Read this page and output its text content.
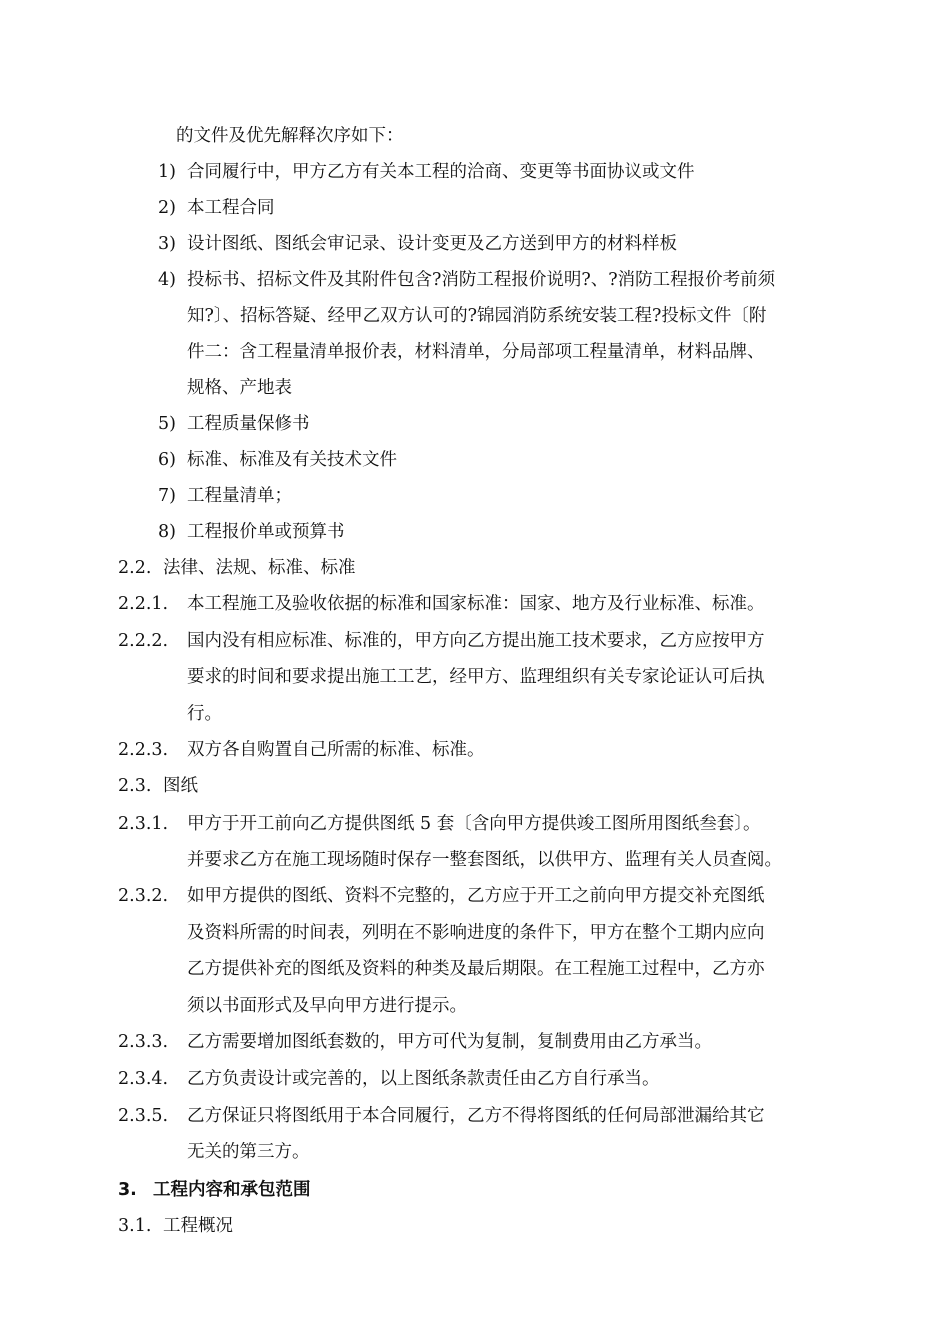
的文件及优先解释次序如下：
1) 合同履行中，甲方乙方有关本工程的洽商、变更等书面协议或文件
2) 本工程合同
3) 设计图纸、图纸会审记录、设计变更及乙方送到甲方的材料样板
4) 投标书、招标文件及其附件包含?消防工程报价说明?、?消防工程报价考前须
知?〕、招标答疑、经甲乙双方认可的?锦园消防系统安装工程?投标文件〔附
件二：含工程量清单报价表，材料清单，分局部项工程量清单，材料品牌、
规格、产地表
5) 工程质量保修书
6) 标准、标准及有关技术文件
7) 工程量清单；
8) 工程报价单或预算书
2.2. 法律、法规、标准、标准
2.2.1. 本工程施工及验收依据的标准和国家标准：国家、地方及行业标准、标准。
2.2.2. 国内没有相应标准、标准的，甲方向乙方提出施工技术要求，乙方应按甲方
要求的时间和要求提出施工工艺，经甲方、监理组织有关专家论证认可后执
行。
2.2.3. 双方各自购置自己所需的标准、标准。
2.3. 图纸
2.3.1. 甲方于开工前向乙方提供图纸 5 套〔含向甲方提供竣工图所用图纸叁套〕。
并要求乙方在施工现场随时保存一整套图纸，以供甲方、监理有关人员查阅。
2.3.2. 如甲方提供的图纸、资料不完整的，乙方应于开工之前向甲方提交补充图纸
及资料所需的时间表，列明在不影响进度的条件下，甲方在整个工期内应向
乙方提供补充的图纸及资料的种类及最后期限。在工程施工过程中，乙方亦
须以书面形式及早向甲方进行提示。
2.3.3. 乙方需要增加图纸套数的，甲方可代为复制，复制费用由乙方承当。
2.3.4. 乙方负责设计或完善的，以上图纸条款责任由乙方自行承当。
2.3.5. 乙方保证只将图纸用于本合同履行，乙方不得将图纸的任何局部泄漏给其它
无关的第三方。
3. 工程内容和承包范围
3.1. 工程概况
